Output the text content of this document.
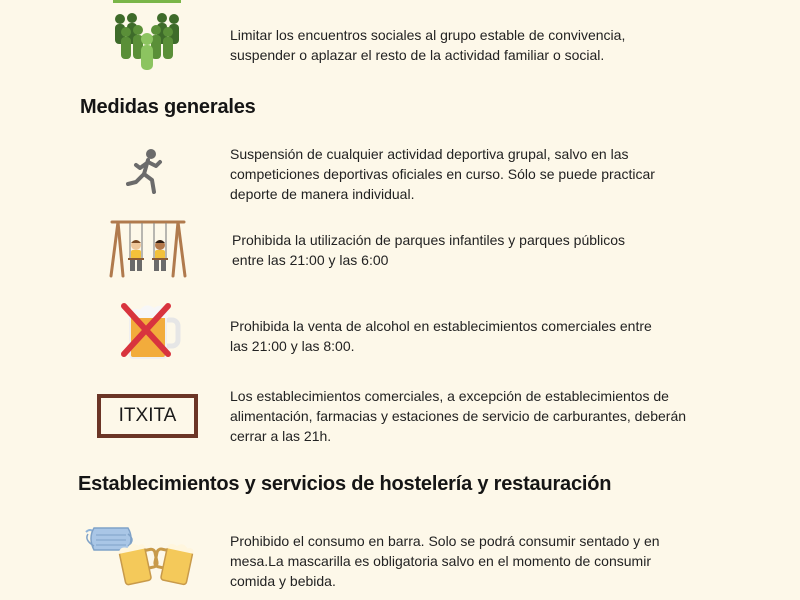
Limitar los encuentros sociales al grupo estable de convivencia,
suspender o aplazar el resto de la actividad familiar o social.
Medidas generales
Suspensión de cualquier actividad deportiva grupal, salvo en las
competiciones deportivas oficiales en curso. Sólo se puede practicar
deporte de manera individual.
Prohibida la utilización de parques infantiles y parques públicos
entre las 21:00 y las 6:00
Prohibida la venta de alcohol en establecimientos comerciales entre
las 21:00 y las 8:00.
ITXITA
Los establecimientos comerciales, a excepción de establecimientos de
alimentación, farmacias y estaciones de servicio de carburantes, deberán
cerrar a las 21h.
Establecimientos y servicios de hostelería y restauración
Prohibido el consumo en barra. Solo se podrá consumir sentado y en
mesa.La mascarilla es obligatoria salvo en el momento de consumir
comida y bebida.
